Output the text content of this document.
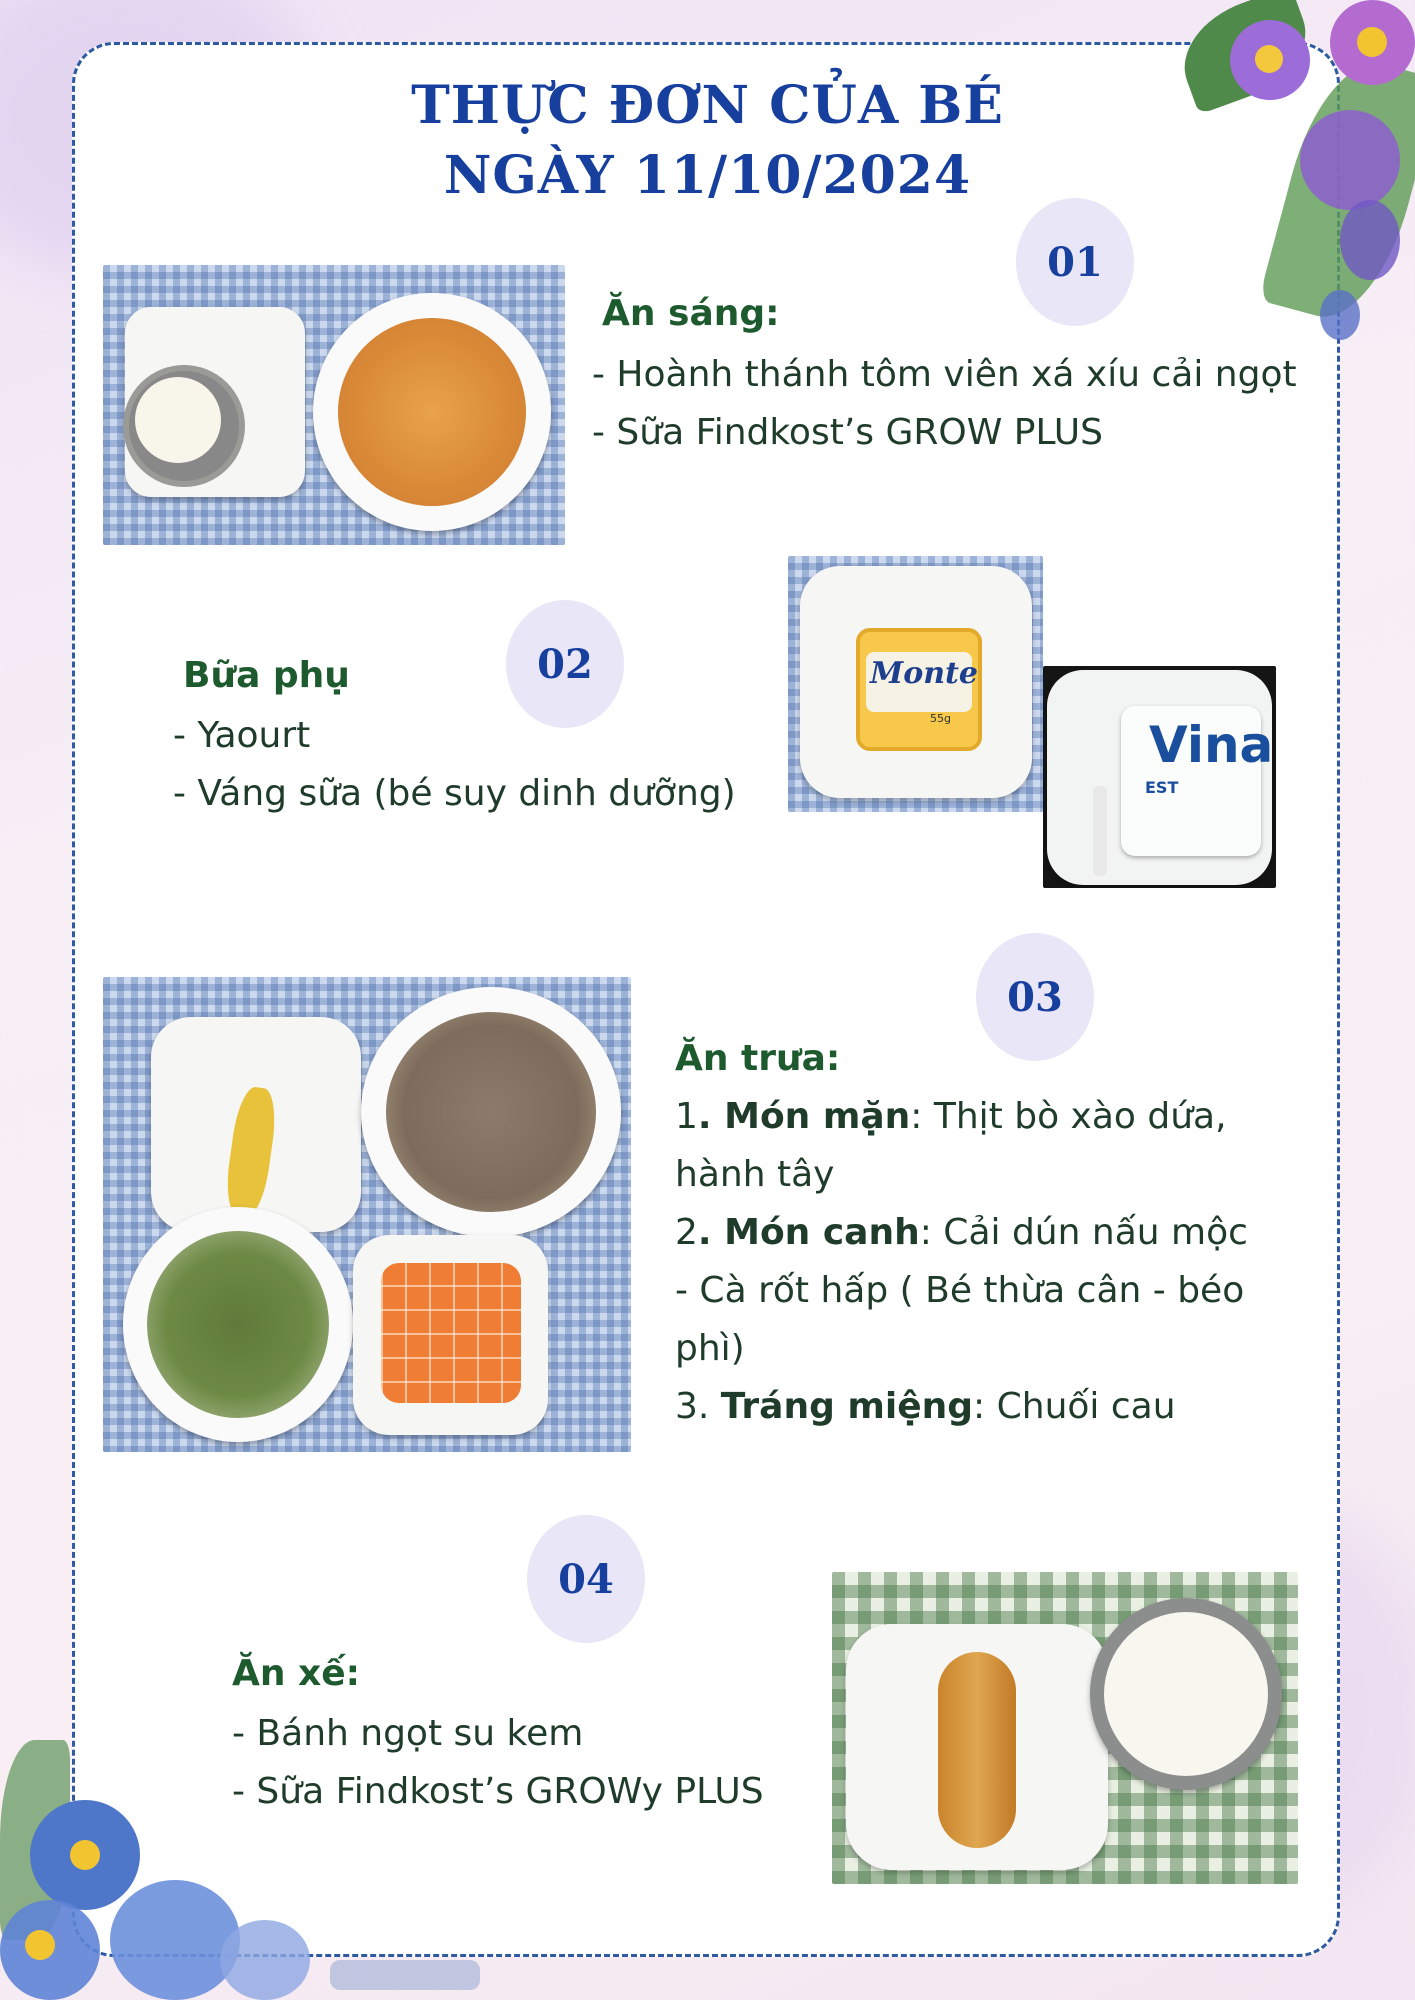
THỰC ĐƠN CỦA BÉ
NGÀY 11/10/2024
01
Ăn sáng:
- Hoành thánh tôm viên xá xíu cải ngọt
- Sữa Findkost’s GROW PLUS
02
Bữa phụ
- Yaourt
- Váng sữa (bé suy dinh dưỡng)
Monte
55g	Vina
EST
03
Ăn trưa:
1. Món mặn: Thịt bò xào dứa, hành tây
2. Món canh: Cải dún nấu mộc
- Cà rốt hấp ( Bé thừa cân - béo phì)
3. Tráng miệng: Chuối cau
04
Ăn xế:
- Bánh ngọt su kem
- Sữa Findkost’s GROWy PLUS
